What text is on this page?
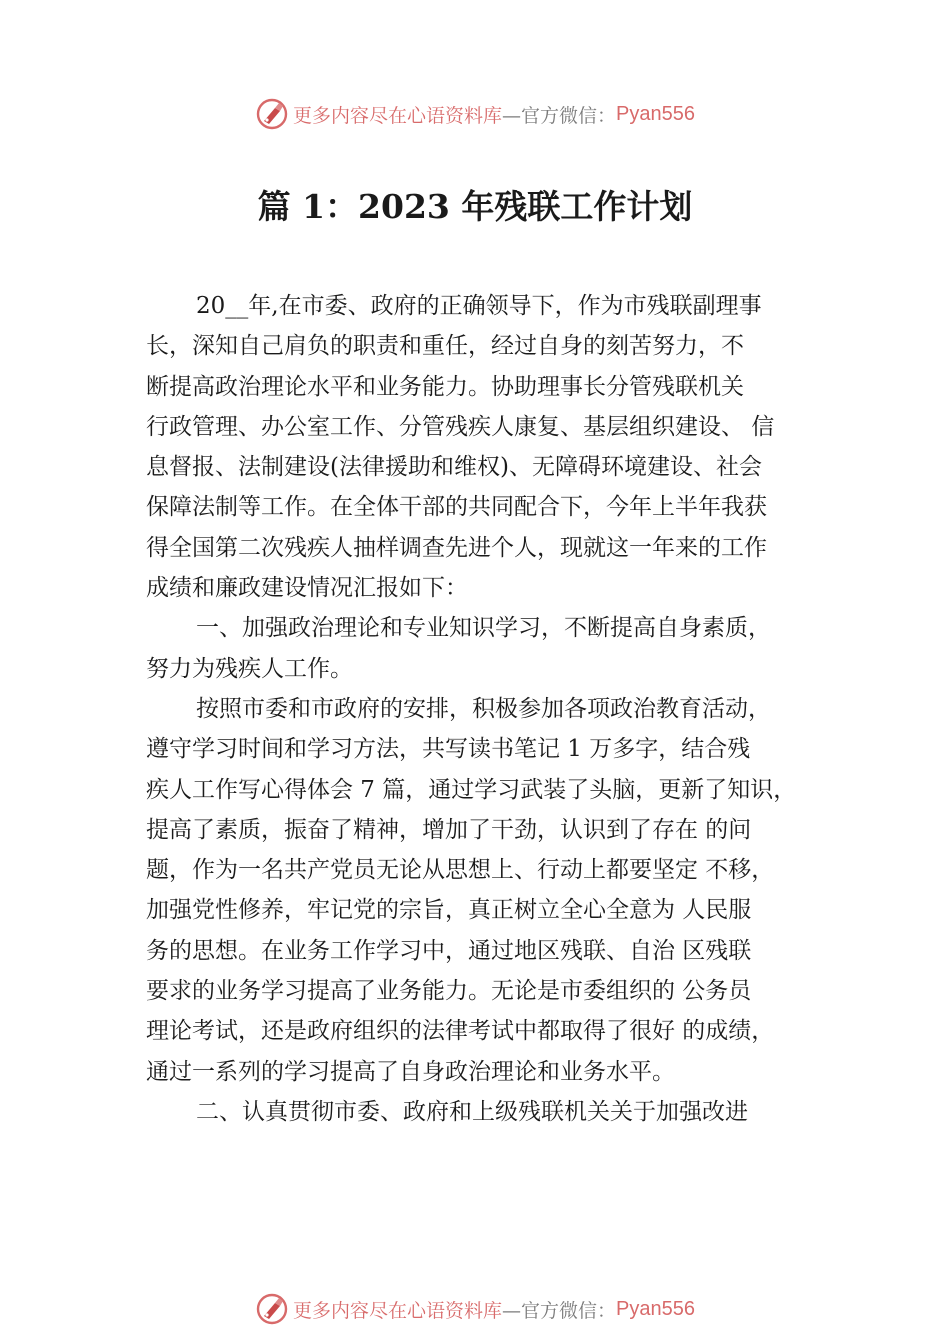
更多内容尽在心语资料库 —官方微信： Pyan556
篇 1：2023 年残联工作计划
20__年,在市委、政府的正确领导下，作为市残联副理事
长，深知自己肩负的职责和重任，经过自身的刻苦努力，不
断提高政治理论水平和业务能力。协助理事长分管残联机关
行政管理、办公室工作、分管残疾人康复、基层组织建设、 信
息督报、法制建设(法律援助和维权)、无障碍环境建设、社会
保障法制等工作。在全体干部的共同配合下，今年上半年我获
得全国第二次残疾人抽样调查先进个人，现就这一年来的工作
成绩和廉政建设情况汇报如下：
一、加强政治理论和专业知识学习，不断提高自身素质，
努力为残疾人工作。
按照市委和市政府的安排，积极参加各项政治教育活动，
遵守学习时间和学习方法，共写读书笔记 1 万多字，结合残
疾人工作写心得体会 7 篇，通过学习武装了头脑，更新了知识，
提高了素质，振奋了精神，增加了干劲，认识到了存在 的问
题，作为一名共产党员无论从思想上、行动上都要坚定 不移，
加强党性修养，牢记党的宗旨，真正树立全心全意为 人民服
务的思想。在业务工作学习中，通过地区残联、自治 区残联
要求的业务学习提高了业务能力。无论是市委组织的 公务员
理论考试，还是政府组织的法律考试中都取得了很好 的成绩，
通过一系列的学习提高了自身政治理论和业务水平。
二、认真贯彻市委、政府和上级残联机关关于加强改进
更多内容尽在心语资料库 —官方微信： Pyan556
